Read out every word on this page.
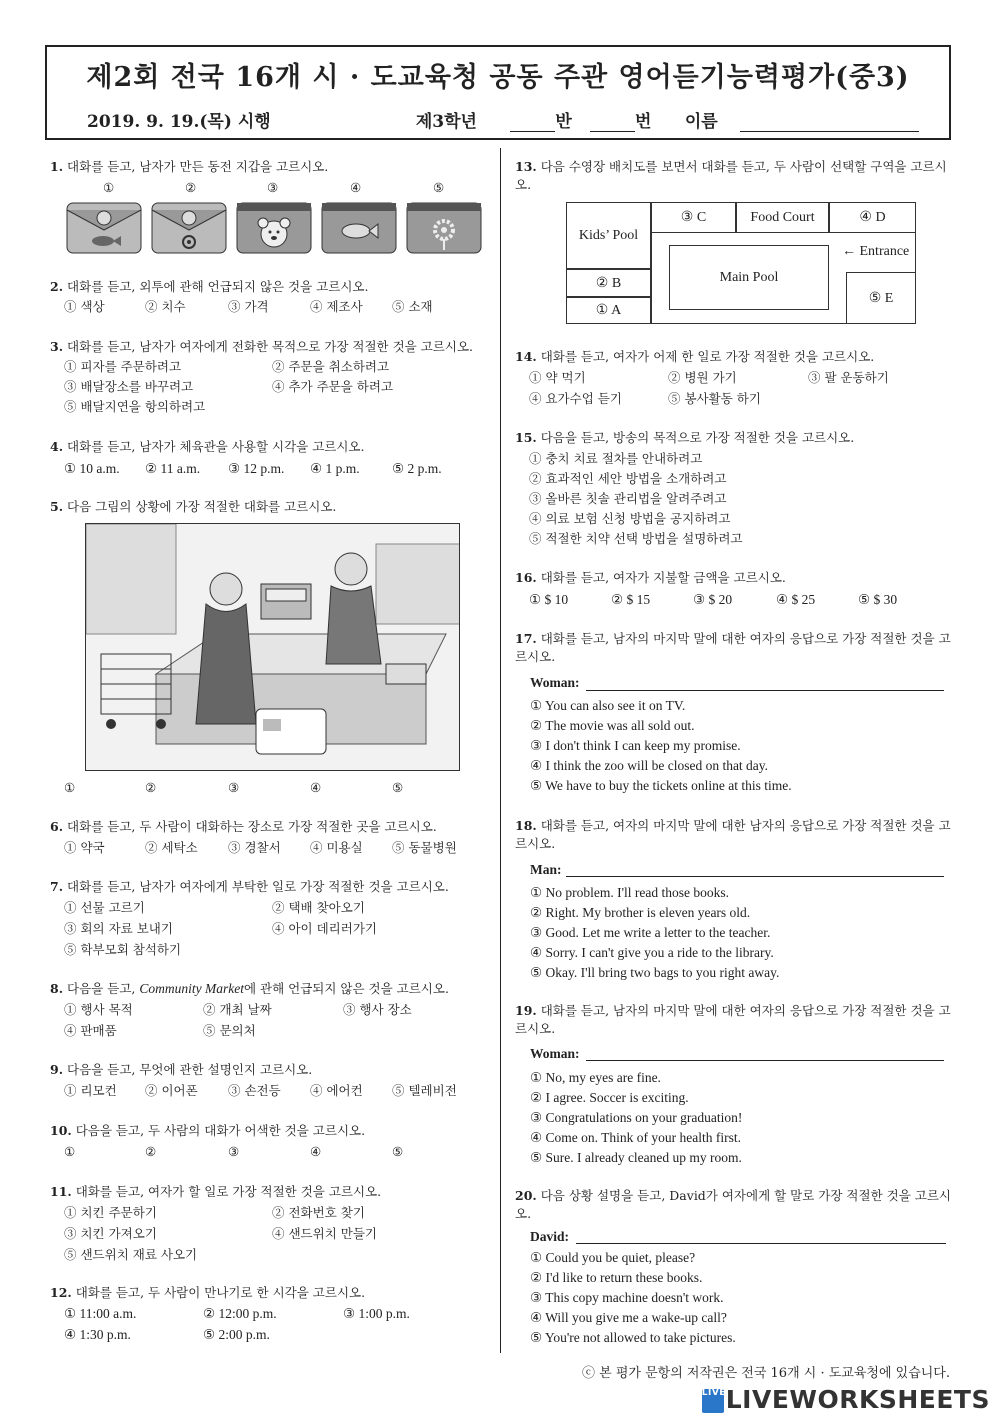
제2회 전국 16개 시 · 도교육청 공동 주관 영어듣기능력평가(중3)
2019. 9. 19.(목) 시행	제3학년	반	번	이름
1. 대화를 듣고, 남자가 만든 동전 지갑을 고르시오.
①	②	③	④	⑤
2. 대화를 듣고, 외투에 관해 언급되지 않은 것을 고르시오.
① 색상	② 치수	③ 가격	④ 제조사 ⑤ 소재
3. 대화를 듣고, 남자가 여자에게 전화한 목적으로 가장 적절한 것을 고르시오.
① 피자를 주문하려고	② 주문을 취소하려고
③ 배달장소를 바꾸려고	④ 추가 주문을 하려고
⑤ 배달지연을 항의하려고
4. 대화를 듣고, 남자가 체육관을 사용할 시각을 고르시오.
① 10 a.m. ② 11 a.m. ③ 12 p.m. ④ 1 p.m. ⑤ 2 p.m.
5. 다음 그림의 상황에 가장 적절한 대화를 고르시오.
①	②	③	④	⑤
6. 대화를 듣고, 두 사람이 대화하는 장소로 가장 적절한 곳을 고르시오.
① 약국	② 세탁소 ③ 경찰서 ④ 미용실 ⑤ 동물병원
7. 대화를 듣고, 남자가 여자에게 부탁한 일로 가장 적절한 것을 고르시오.
① 선물 고르기	② 택배 찾아오기
③ 회의 자료 보내기	④ 아이 데리러가기
⑤ 학부모회 참석하기
8. 다음을 듣고, Community Market에 관해 언급되지 않은 것을 고르시오.
① 행사 목적	② 개최 날짜	③ 행사 장소
④ 판매품	⑤ 문의처
9. 다음을 듣고, 무엇에 관한 설명인지 고르시오.
① 리모컨 ② 이어폰 ③ 손전등 ④ 에어컨 ⑤ 텔레비전
10. 다음을 듣고, 두 사람의 대화가 어색한 것을 고르시오.
①	②	③	④	⑤
11. 대화를 듣고, 여자가 할 일로 가장 적절한 것을 고르시오.
① 치킨 주문하기	② 전화번호 찾기
③ 치킨 가져오기	④ 샌드위치 만들기
⑤ 샌드위치 재료 사오기
12. 대화를 듣고, 두 사람이 만나기로 한 시각을 고르시오.
① 11:00 a.m.	② 12:00 p.m.	③ 1:00 p.m.
④ 1:30 p.m.	⑤ 2:00 p.m.
13. 다음 수영장 배치도를 보면서 대화를 듣고, 두 사람이 선택할 구역을 고르시오.
Kids’ Pool
③ C	Food Court	④ D
← Entrance
Main Pool
② B
① A
⑤ E
14. 대화를 듣고, 여자가 어제 한 일로 가장 적절한 것을 고르시오.
① 약 먹기	② 병원 가기	③ 팔 운동하기
④ 요가수업 듣기	⑤ 봉사활동 하기
15. 다음을 듣고, 방송의 목적으로 가장 적절한 것을 고르시오.
① 충치 치료 절차를 안내하려고
② 효과적인 세안 방법을 소개하려고
③ 올바른 칫솔 관리법을 알려주려고
④ 의료 보험 신청 방법을 공지하려고
⑤ 적절한 치약 선택 방법을 설명하려고
16. 대화를 듣고, 여자가 지불할 금액을 고르시오.
① $ 10	② $ 15	③ $ 20	④ $ 25	⑤ $ 30
17. 대화를 듣고, 남자의 마지막 말에 대한 여자의 응답으로 가장 적절한 것을 고르시오.
Woman:
① You can also see it on TV.
② The movie was all sold out.
③ I don't think I can keep my promise.
④ I think the zoo will be closed on that day.
⑤ We have to buy the tickets online at this time.
18. 대화를 듣고, 여자의 마지막 말에 대한 남자의 응답으로 가장 적절한 것을 고르시오.
Man:
① No problem. I'll read those books.
② Right. My brother is eleven years old.
③ Good. Let me write a letter to the teacher.
④ Sorry. I can't give you a ride to the library.
⑤ Okay. I'll bring two bags to you right away.
19. 대화를 듣고, 남자의 마지막 말에 대한 여자의 응답으로 가장 적절한 것을 고르시오.
Woman:
① No, my eyes are fine.
② I agree. Soccer is exciting.
③ Congratulations on your graduation!
④ Come on. Think of your health first.
⑤ Sure. I already cleaned up my room.
20. 다음 상황 설명을 듣고, David가 여자에게 할 말로 가장 적절한 것을 고르시오.
David:
① Could you be quiet, please?
② I'd like to return these books.
③ This copy machine doesn't work.
④ Will you give me a wake-up call?
⑤ You're not allowed to take pictures.
ⓒ 본 평가 문항의 저작권은 전국 16개 시 · 도교육청에 있습니다.
LIVELIVEWORKSHEETS
